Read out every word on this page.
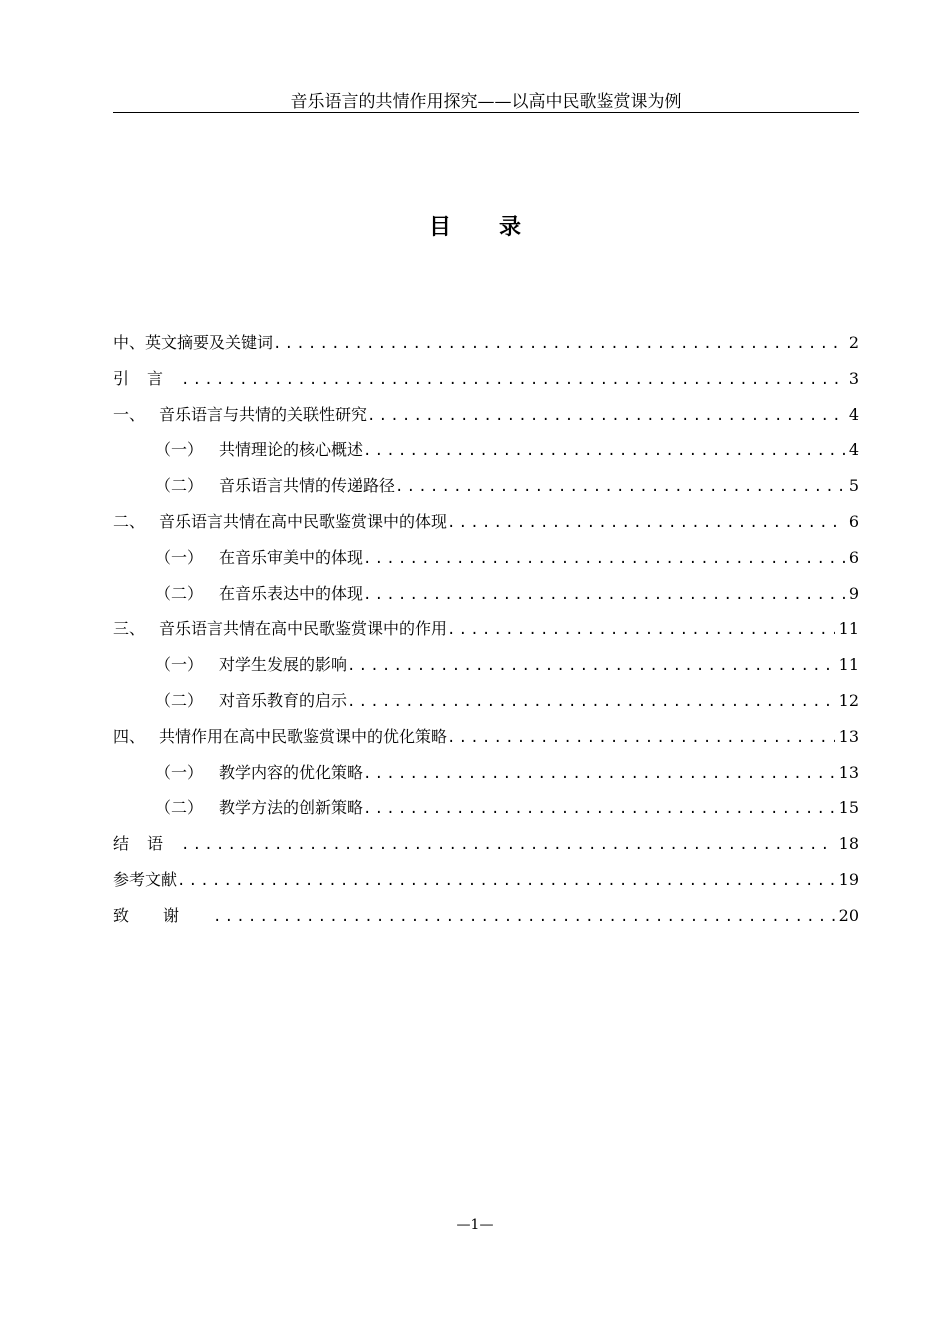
音乐语言的共情作用探究——以高中民歌鉴赏课为例
目录
中、英文摘要及关键词 .....	2
引言 .....	3
一、 音乐语言与共情的关联性研究 .....	4
（一） 共情理论的核心概述 .....	4
（二） 音乐语言共情的传递路径 .....	5
二、 音乐语言共情在高中民歌鉴赏课中的体现 .....	6
（一） 在音乐审美中的体现 .....	6
（二） 在音乐表达中的体现 .....	9
三、 音乐语言共情在高中民歌鉴赏课中的作用 .....	11
（一） 对学生发展的影响 .....	11
（二） 对音乐教育的启示 .....	12
四、 共情作用在高中民歌鉴赏课中的优化策略 .....	13
（一） 教学内容的优化策略 .....	13
（二） 教学方法的创新策略 .....	15
结语 .....	18
参考文献 .....	19
致谢 .....	20
—1—
